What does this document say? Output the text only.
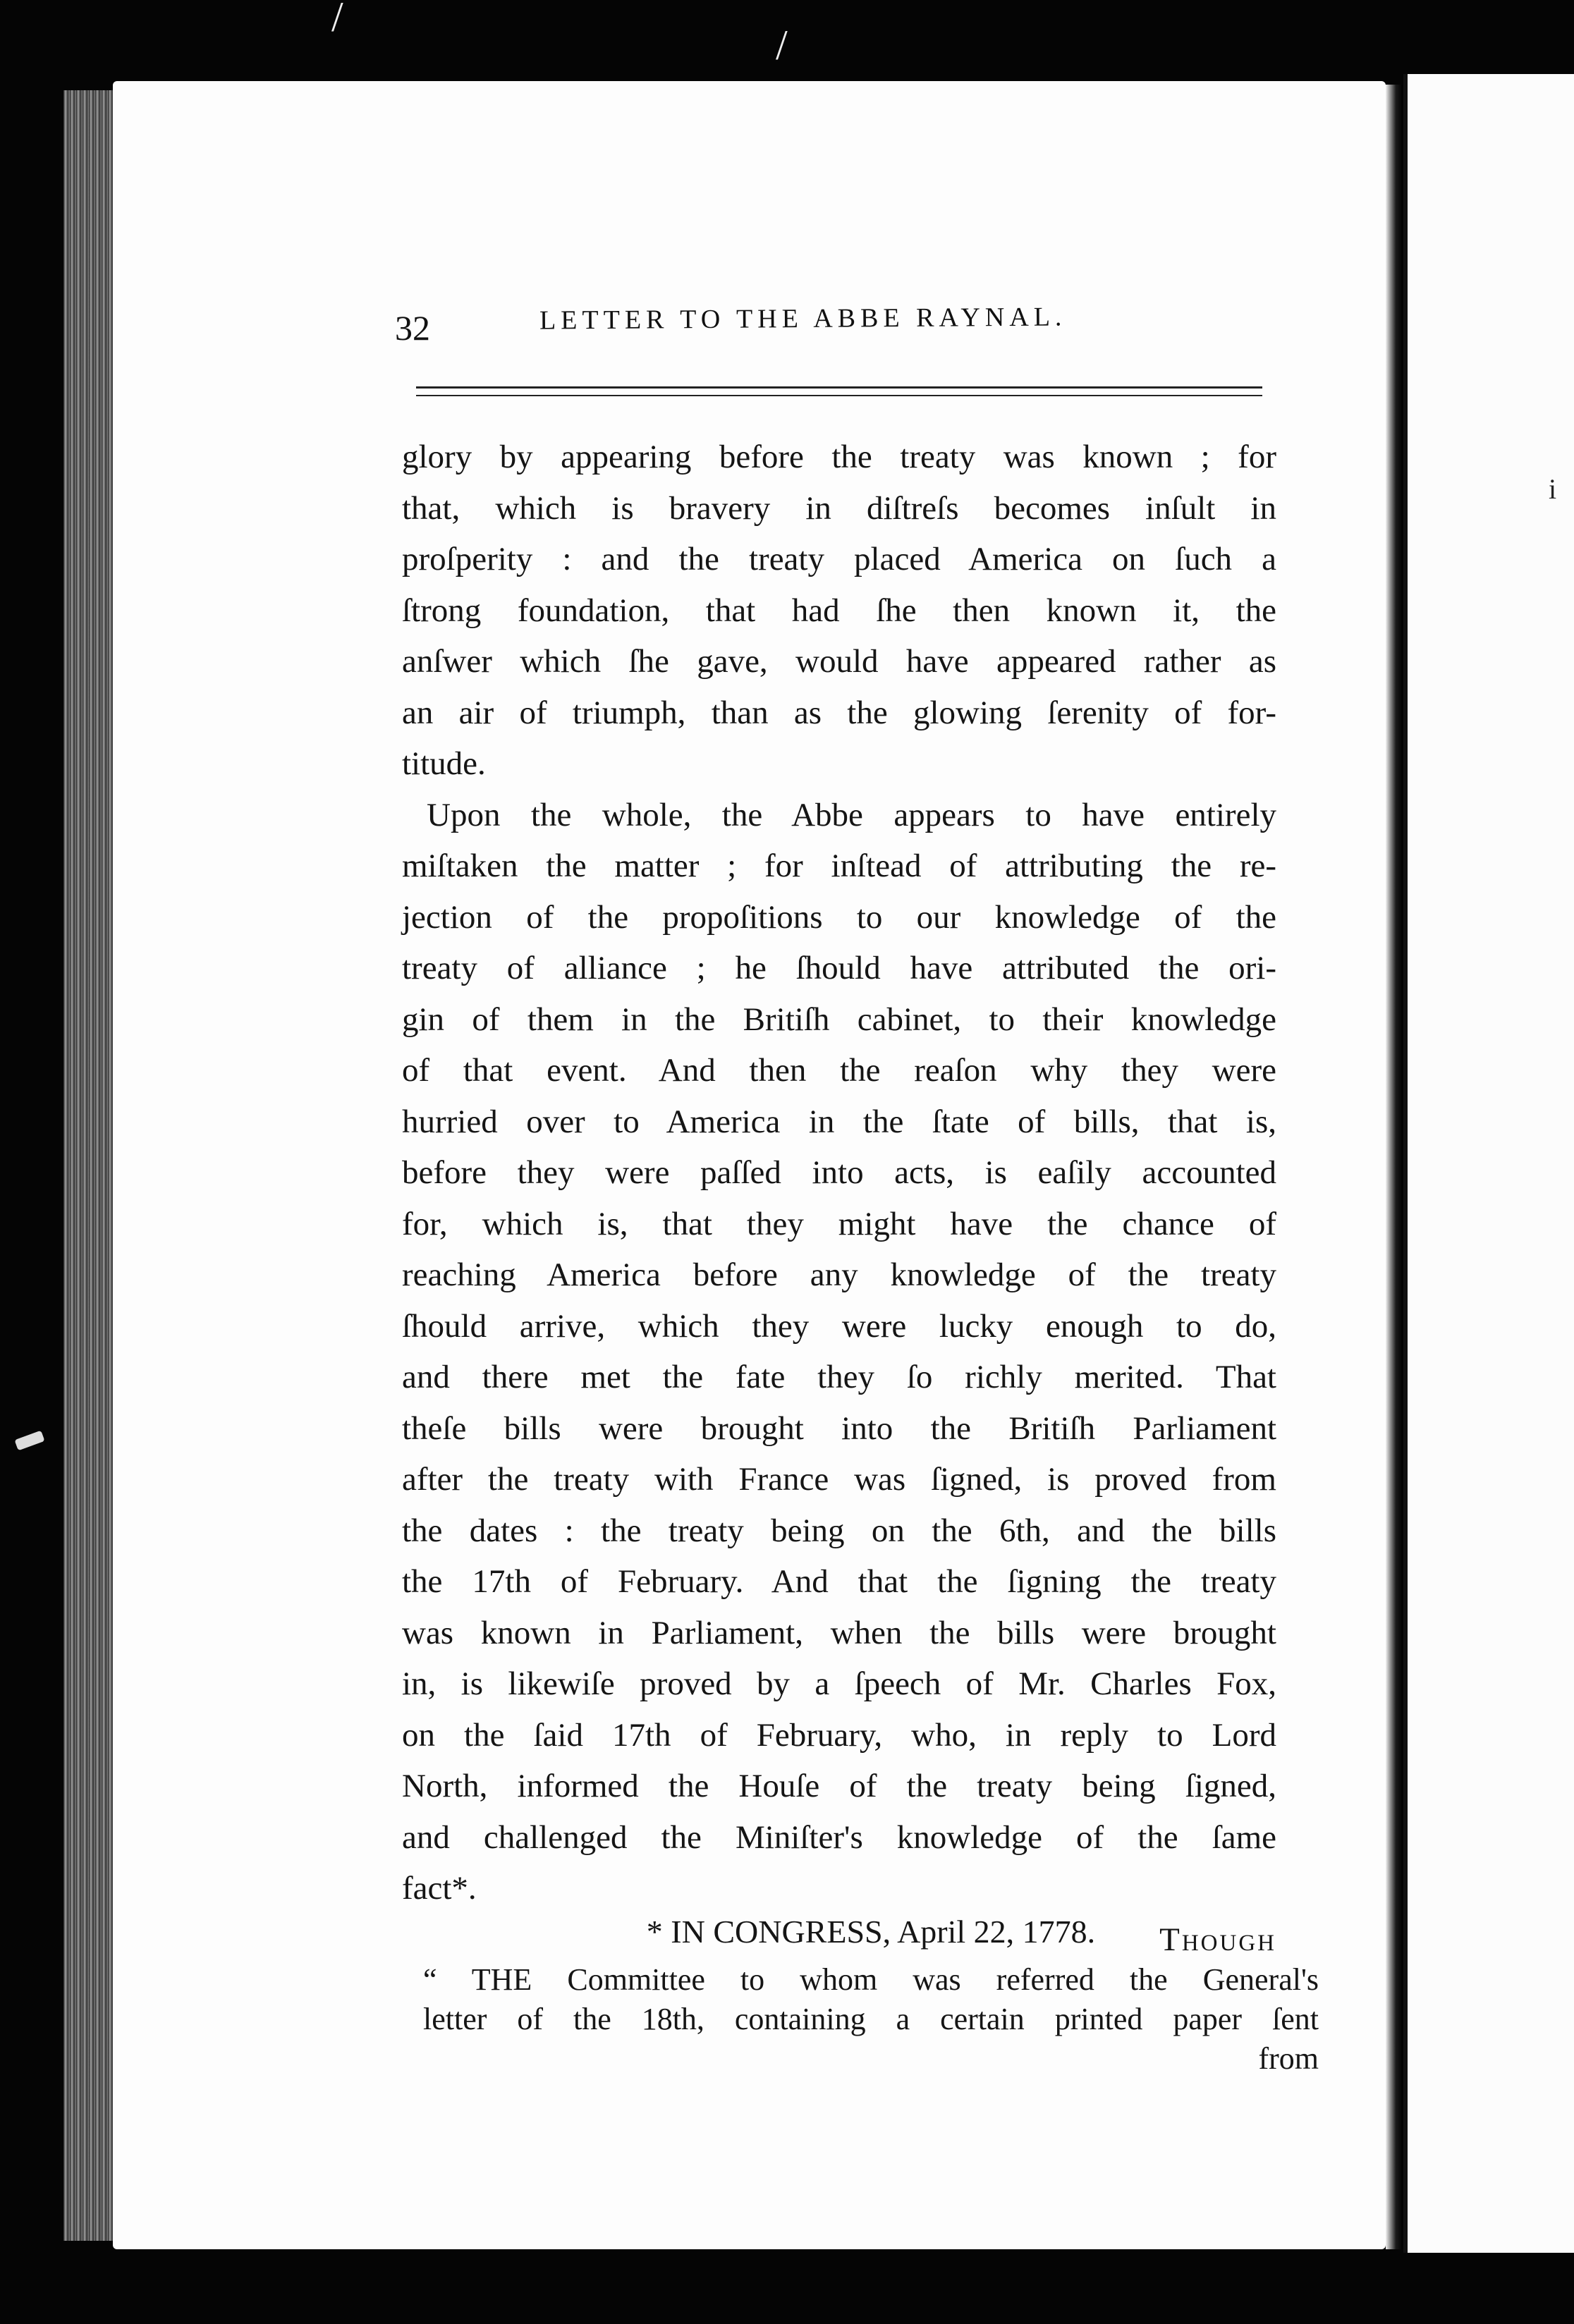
/
/
i
32	LETTER TO THE ABBE RAYNAL.
glory by appearing before the treaty was known ; for
that, which is bravery in diſtreſs becomes inſult in
proſperity : and the treaty placed America on ſuch a
ſtrong foundation, that had ſhe then known it, the
anſwer which ſhe gave, would have appeared rather as
an air of triumph, than as the glowing ſerenity of for-
titude.
Upon the whole, the Abbe appears to have entirely
miſtaken the matter ; for inſtead of attributing the re-
jection of the propoſitions to our knowledge of the
treaty of alliance ; he ſhould have attributed the ori-
gin of them in the Britiſh cabinet, to their knowledge
of that event. And then the reaſon why they were
hurried over to America in the ſtate of bills, that is,
before they were paſſed into acts, is eaſily accounted
for, which is, that they might have the chance of
reaching America before any knowledge of the treaty
ſhould arrive, which they were lucky enough to do,
and there met the fate they ſo richly merited. That
theſe bills were brought into the Britiſh Parliament
after the treaty with France was ſigned, is proved from
the dates : the treaty being on the 6th, and the bills
the 17th of February. And that the ſigning the treaty
was known in Parliament, when the bills were brought
in, is likewiſe proved by a ſpeech of Mr. Charles Fox,
on the ſaid 17th of February, who, in reply to Lord
North, informed the Houſe of the treaty being ſigned,
and challenged the Miniſter's knowledge of the ſame
fact*.
Though
* IN CONGRESS, April 22, 1778.
“ THE Committee to whom was referred the General's
letter of the 18th, containing a certain printed paper ſent
from
